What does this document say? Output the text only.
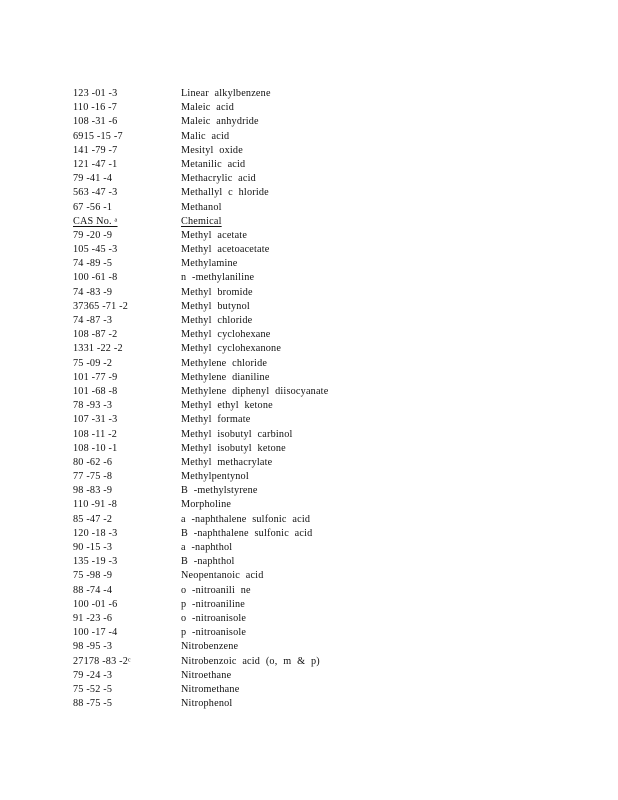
123 -01 -3	Linear alkylbenzene
110 -16 -7	Maleic acid
108 -31 -6	Maleic anhydride
6915 -15 -7	Malic acid
141 -79 -7	Mesityl oxide
121 -47 -1	Metanilic acid
79 -41 -4	Methacrylic acid
563 -47 -3	Methallyl c hloride
67 -56 -1	Methanol
CAS No. ᵃ	Chemical
79 -20 -9	Methyl acetate
105 -45 -3	Methyl acetoacetate
74 -89 -5	Methylamine
100 -61 -8	n -methylaniline
74 -83 -9	Methyl bromide
37365 -71 -2	Methyl butynol
74 -87 -3	Methyl chloride
108 -87 -2	Methyl cyclohexane
1331 -22 -2	Methyl cyclohexanone
75 -09 -2	Methylene chloride
101 -77 -9	Methylene dianiline
101 -68 -8	Methylene diphenyl diisocyanate
78 -93 -3	Methyl ethyl ketone
107 -31 -3	Methyl formate
108 -11 -2	Methyl isobutyl carbinol
108 -10 -1	Methyl isobutyl ketone
80 -62 -6	Methyl methacrylate
77 -75 -8	Methylpentynol
98 -83 -9	B -methylstyrene
110 -91 -8	Morpholine
85 -47 -2	a -naphthalene sulfonic acid
120 -18 -3	B -naphthalene sulfonic acid
90 -15 -3	a -naphthol
135 -19 -3	B -naphthol
75 -98 -9	Neopentanoic acid
88 -74 -4	o -nitroanili ne
100 -01 -6	p -nitroaniline
91 -23 -6	o -nitroanisole
100 -17 -4	p -nitroanisole
98 -95 -3	Nitrobenzene
27178 -83 -2ᶜ	Nitrobenzoic acid (o, m & p)
79 -24 -3	Nitroethane
75 -52 -5	Nitromethane
88 -75 -5	Nitrophenol
